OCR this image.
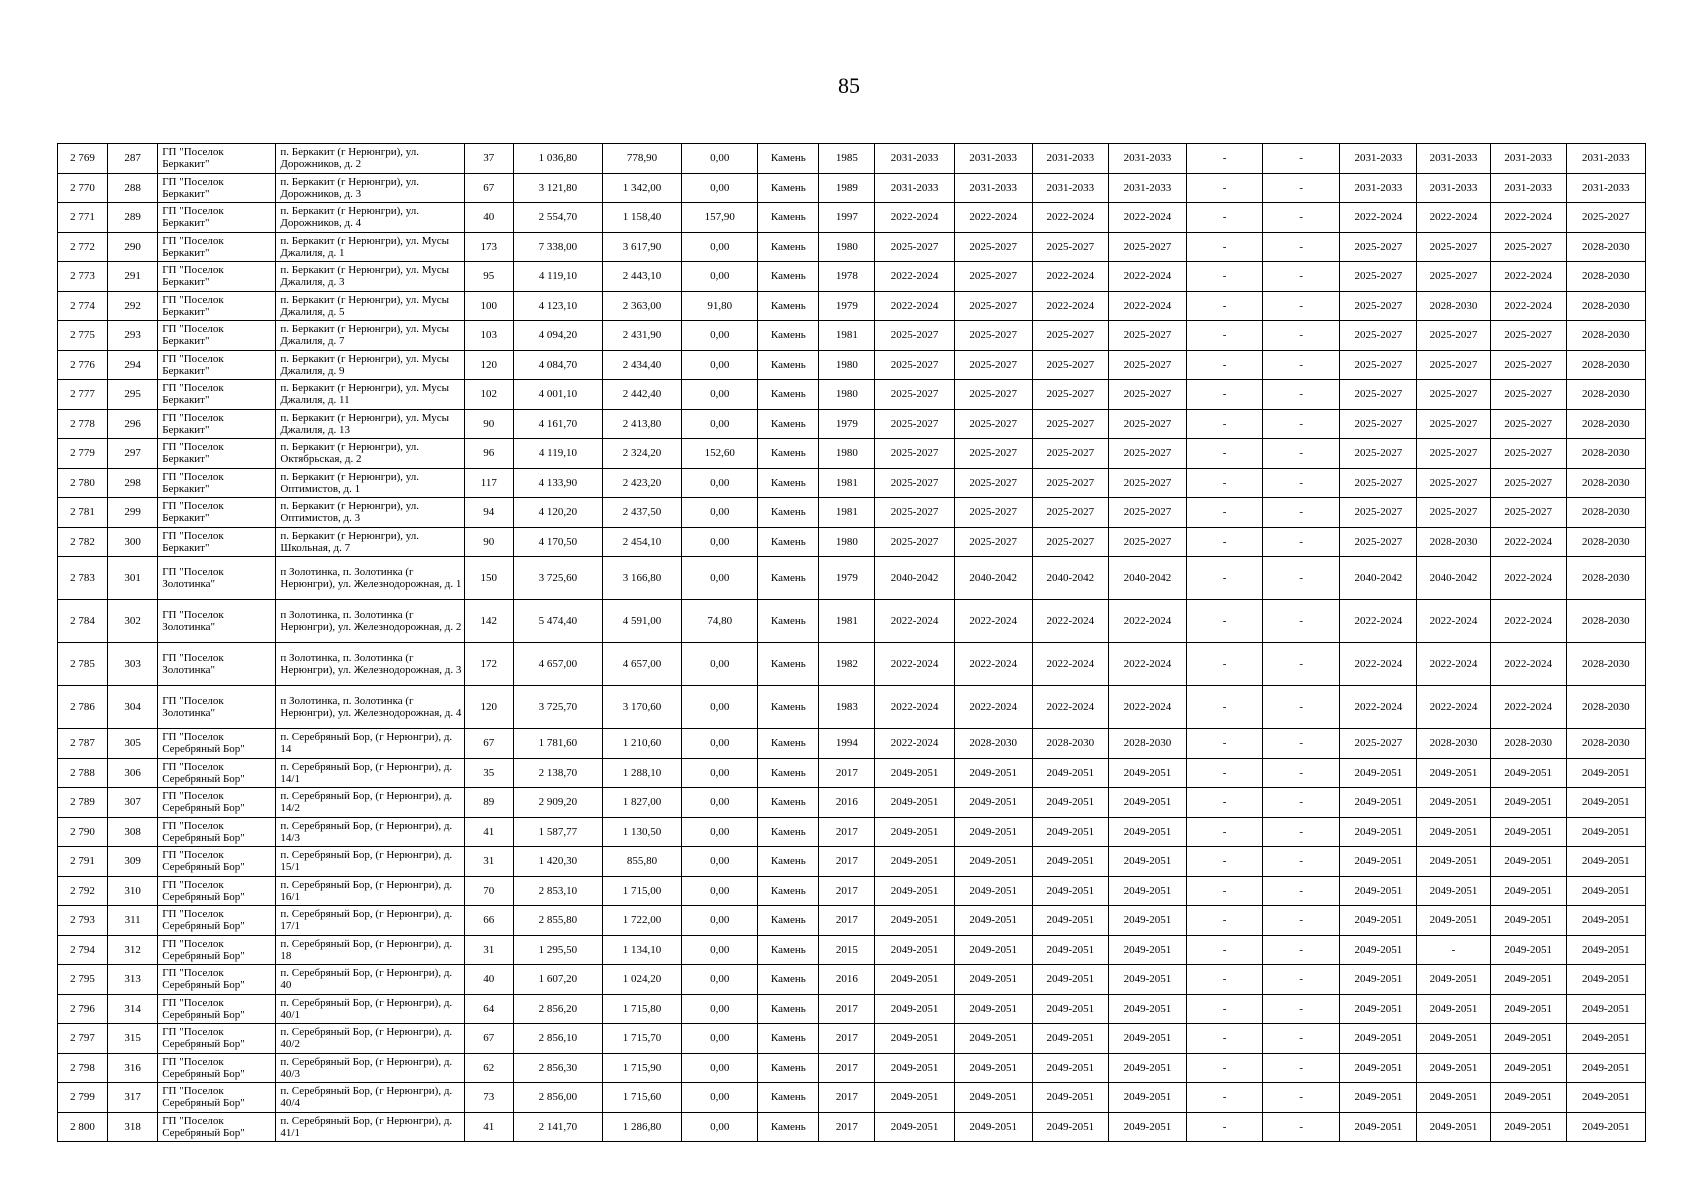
85
2 769	287	ГП "Поселок Беркакит"	п. Беркакит (г Нерюнгри), ул. Дорожников, д. 2	37	1 036,80	778,90	0,00	Камень	1985	2031-2033	2031-2033	2031-2033	2031-2033	-	-	2031-2033	2031-2033	2031-2033	2031-2033
2 770	288	ГП "Поселок Беркакит"	п. Беркакит (г Нерюнгри), ул. Дорожников, д. 3	67	3 121,80	1 342,00	0,00	Камень	1989	2031-2033	2031-2033	2031-2033	2031-2033	-	-	2031-2033	2031-2033	2031-2033	2031-2033
2 771	289	ГП "Поселок Беркакит"	п. Беркакит (г Нерюнгри), ул. Дорожников, д. 4	40	2 554,70	1 158,40	157,90	Камень	1997	2022-2024	2022-2024	2022-2024	2022-2024	-	-	2022-2024	2022-2024	2022-2024	2025-2027
2 772	290	ГП "Поселок Беркакит"	п. Беркакит (г Нерюнгри), ул. Мусы Джалиля, д. 1	173	7 338,00	3 617,90	0,00	Камень	1980	2025-2027	2025-2027	2025-2027	2025-2027	-	-	2025-2027	2025-2027	2025-2027	2028-2030
2 773	291	ГП "Поселок Беркакит"	п. Беркакит (г Нерюнгри), ул. Мусы Джалиля, д. 3	95	4 119,10	2 443,10	0,00	Камень	1978	2022-2024	2025-2027	2022-2024	2022-2024	-	-	2025-2027	2025-2027	2022-2024	2028-2030
2 774	292	ГП "Поселок Беркакит"	п. Беркакит (г Нерюнгри), ул. Мусы Джалиля, д. 5	100	4 123,10	2 363,00	91,80	Камень	1979	2022-2024	2025-2027	2022-2024	2022-2024	-	-	2025-2027	2028-2030	2022-2024	2028-2030
2 775	293	ГП "Поселок Беркакит"	п. Беркакит (г Нерюнгри), ул. Мусы Джалиля, д. 7	103	4 094,20	2 431,90	0,00	Камень	1981	2025-2027	2025-2027	2025-2027	2025-2027	-	-	2025-2027	2025-2027	2025-2027	2028-2030
2 776	294	ГП "Поселок Беркакит"	п. Беркакит (г Нерюнгри), ул. Мусы Джалиля, д. 9	120	4 084,70	2 434,40	0,00	Камень	1980	2025-2027	2025-2027	2025-2027	2025-2027	-	-	2025-2027	2025-2027	2025-2027	2028-2030
2 777	295	ГП "Поселок Беркакит"	п. Беркакит (г Нерюнгри), ул. Мусы Джалиля, д. 11	102	4 001,10	2 442,40	0,00	Камень	1980	2025-2027	2025-2027	2025-2027	2025-2027	-	-	2025-2027	2025-2027	2025-2027	2028-2030
2 778	296	ГП "Поселок Беркакит"	п. Беркакит (г Нерюнгри), ул. Мусы Джалиля, д. 13	90	4 161,70	2 413,80	0,00	Камень	1979	2025-2027	2025-2027	2025-2027	2025-2027	-	-	2025-2027	2025-2027	2025-2027	2028-2030
2 779	297	ГП "Поселок Беркакит"	п. Беркакит (г Нерюнгри), ул. Октябрьская, д. 2	96	4 119,10	2 324,20	152,60	Камень	1980	2025-2027	2025-2027	2025-2027	2025-2027	-	-	2025-2027	2025-2027	2025-2027	2028-2030
2 780	298	ГП "Поселок Беркакит"	п. Беркакит (г Нерюнгри), ул. Оптимистов, д. 1	117	4 133,90	2 423,20	0,00	Камень	1981	2025-2027	2025-2027	2025-2027	2025-2027	-	-	2025-2027	2025-2027	2025-2027	2028-2030
2 781	299	ГП "Поселок Беркакит"	п. Беркакит (г Нерюнгри), ул. Оптимистов, д. 3	94	4 120,20	2 437,50	0,00	Камень	1981	2025-2027	2025-2027	2025-2027	2025-2027	-	-	2025-2027	2025-2027	2025-2027	2028-2030
2 782	300	ГП "Поселок Беркакит"	п. Беркакит (г Нерюнгри), ул. Школьная, д. 7	90	4 170,50	2 454,10	0,00	Камень	1980	2025-2027	2025-2027	2025-2027	2025-2027	-	-	2025-2027	2028-2030	2022-2024	2028-2030
2 783	301	ГП "Поселок Золотинка"	п Золотинка, п. Золотинка (г Нерюнгри), ул. Железнодорожная, д. 1	150	3 725,60	3 166,80	0,00	Камень	1979	2040-2042	2040-2042	2040-2042	2040-2042	-	-	2040-2042	2040-2042	2022-2024	2028-2030
2 784	302	ГП "Поселок Золотинка"	п Золотинка, п. Золотинка (г Нерюнгри), ул. Железнодорожная, д. 2	142	5 474,40	4 591,00	74,80	Камень	1981	2022-2024	2022-2024	2022-2024	2022-2024	-	-	2022-2024	2022-2024	2022-2024	2028-2030
2 785	303	ГП "Поселок Золотинка"	п Золотинка, п. Золотинка (г Нерюнгри), ул. Железнодорожная, д. 3	172	4 657,00	4 657,00	0,00	Камень	1982	2022-2024	2022-2024	2022-2024	2022-2024	-	-	2022-2024	2022-2024	2022-2024	2028-2030
2 786	304	ГП "Поселок Золотинка"	п Золотинка, п. Золотинка (г Нерюнгри), ул. Железнодорожная, д. 4	120	3 725,70	3 170,60	0,00	Камень	1983	2022-2024	2022-2024	2022-2024	2022-2024	-	-	2022-2024	2022-2024	2022-2024	2028-2030
2 787	305	ГП "Поселок Серебряный Бор"	п. Серебряный Бор, (г Нерюнгри), д. 14	67	1 781,60	1 210,60	0,00	Камень	1994	2022-2024	2028-2030	2028-2030	2028-2030	-	-	2025-2027	2028-2030	2028-2030	2028-2030
2 788	306	ГП "Поселок Серебряный Бор"	п. Серебряный Бор, (г Нерюнгри), д. 14/1	35	2 138,70	1 288,10	0,00	Камень	2017	2049-2051	2049-2051	2049-2051	2049-2051	-	-	2049-2051	2049-2051	2049-2051	2049-2051
2 789	307	ГП "Поселок Серебряный Бор"	п. Серебряный Бор, (г Нерюнгри), д. 14/2	89	2 909,20	1 827,00	0,00	Камень	2016	2049-2051	2049-2051	2049-2051	2049-2051	-	-	2049-2051	2049-2051	2049-2051	2049-2051
2 790	308	ГП "Поселок Серебряный Бор"	п. Серебряный Бор, (г Нерюнгри), д. 14/3	41	1 587,77	1 130,50	0,00	Камень	2017	2049-2051	2049-2051	2049-2051	2049-2051	-	-	2049-2051	2049-2051	2049-2051	2049-2051
2 791	309	ГП "Поселок Серебряный Бор"	п. Серебряный Бор, (г Нерюнгри), д. 15/1	31	1 420,30	855,80	0,00	Камень	2017	2049-2051	2049-2051	2049-2051	2049-2051	-	-	2049-2051	2049-2051	2049-2051	2049-2051
2 792	310	ГП "Поселок Серебряный Бор"	п. Серебряный Бор, (г Нерюнгри), д. 16/1	70	2 853,10	1 715,00	0,00	Камень	2017	2049-2051	2049-2051	2049-2051	2049-2051	-	-	2049-2051	2049-2051	2049-2051	2049-2051
2 793	311	ГП "Поселок Серебряный Бор"	п. Серебряный Бор, (г Нерюнгри), д. 17/1	66	2 855,80	1 722,00	0,00	Камень	2017	2049-2051	2049-2051	2049-2051	2049-2051	-	-	2049-2051	2049-2051	2049-2051	2049-2051
2 794	312	ГП "Поселок Серебряный Бор"	п. Серебряный Бор, (г Нерюнгри), д. 18	31	1 295,50	1 134,10	0,00	Камень	2015	2049-2051	2049-2051	2049-2051	2049-2051	-	-	2049-2051	-	2049-2051	2049-2051
2 795	313	ГП "Поселок Серебряный Бор"	п. Серебряный Бор, (г Нерюнгри), д. 40	40	1 607,20	1 024,20	0,00	Камень	2016	2049-2051	2049-2051	2049-2051	2049-2051	-	-	2049-2051	2049-2051	2049-2051	2049-2051
2 796	314	ГП "Поселок Серебряный Бор"	п. Серебряный Бор, (г Нерюнгри), д. 40/1	64	2 856,20	1 715,80	0,00	Камень	2017	2049-2051	2049-2051	2049-2051	2049-2051	-	-	2049-2051	2049-2051	2049-2051	2049-2051
2 797	315	ГП "Поселок Серебряный Бор"	п. Серебряный Бор, (г Нерюнгри), д. 40/2	67	2 856,10	1 715,70	0,00	Камень	2017	2049-2051	2049-2051	2049-2051	2049-2051	-	-	2049-2051	2049-2051	2049-2051	2049-2051
2 798	316	ГП "Поселок Серебряный Бор"	п. Серебряный Бор, (г Нерюнгри), д. 40/3	62	2 856,30	1 715,90	0,00	Камень	2017	2049-2051	2049-2051	2049-2051	2049-2051	-	-	2049-2051	2049-2051	2049-2051	2049-2051
2 799	317	ГП "Поселок Серебряный Бор"	п. Серебряный Бор, (г Нерюнгри), д. 40/4	73	2 856,00	1 715,60	0,00	Камень	2017	2049-2051	2049-2051	2049-2051	2049-2051	-	-	2049-2051	2049-2051	2049-2051	2049-2051
2 800	318	ГП "Поселок Серебряный Бор"	п. Серебряный Бор, (г Нерюнгри), д. 41/1	41	2 141,70	1 286,80	0,00	Камень	2017	2049-2051	2049-2051	2049-2051	2049-2051	-	-	2049-2051	2049-2051	2049-2051	2049-2051
